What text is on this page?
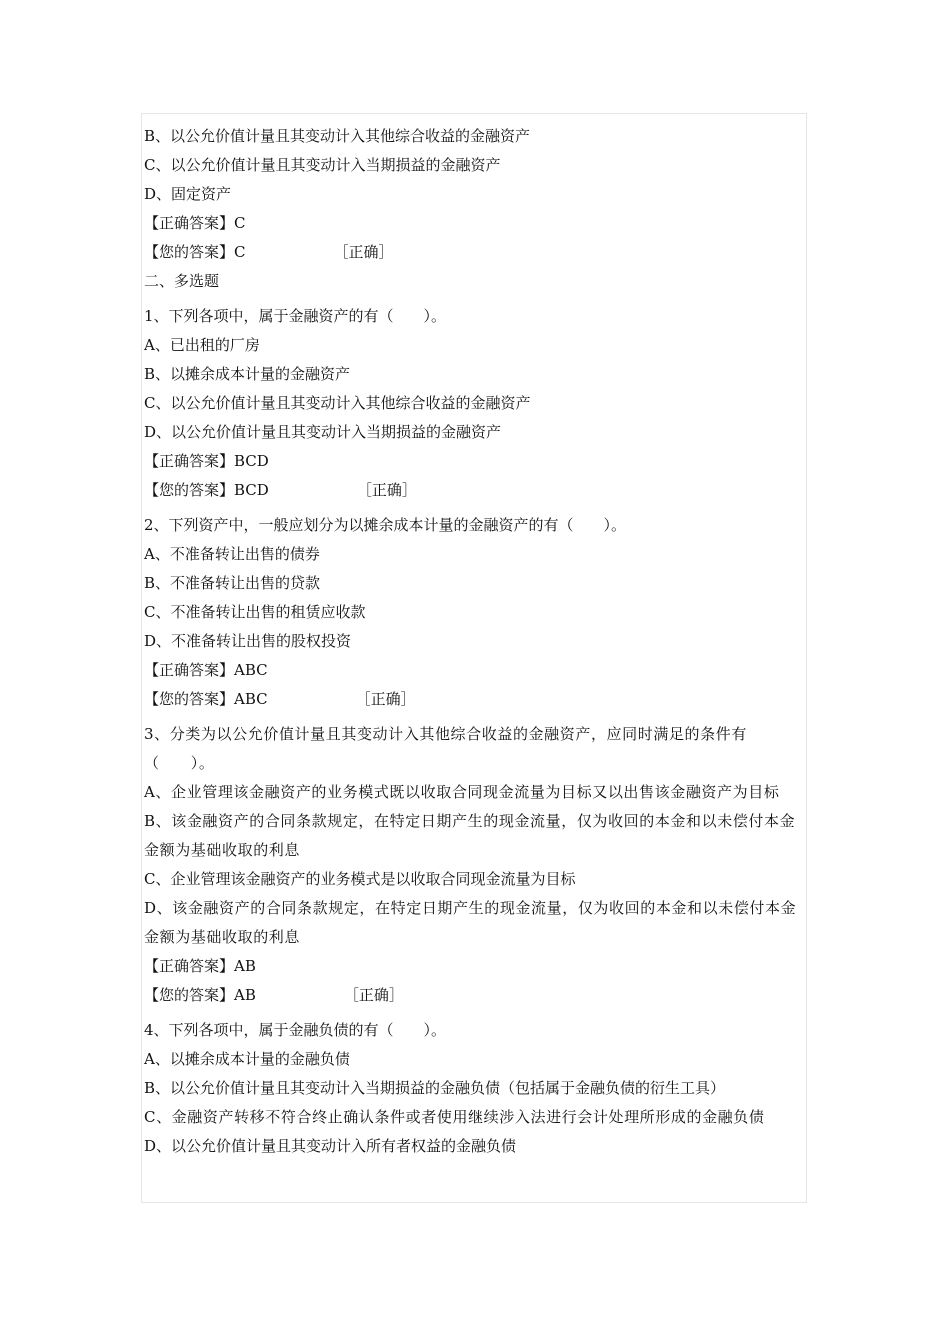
B、以公允价值计量且其变动计入其他综合收益的金融资产
C、以公允价值计量且其变动计入当期损益的金融资产
D、固定资产
【正确答案】C
【您的答案】C	［正确］
二、多选题
1、下列各项中，属于金融资产的有（　　）。
A、已出租的厂房
B、以摊余成本计量的金融资产
C、以公允价值计量且其变动计入其他综合收益的金融资产
D、以公允价值计量且其变动计入当期损益的金融资产
【正确答案】BCD
【您的答案】BCD	［正确］
2、下列资产中，一般应划分为以摊余成本计量的金融资产的有（　　）。
A、不准备转让出售的债券
B、不准备转让出售的贷款
C、不准备转让出售的租赁应收款
D、不准备转让出售的股权投资
【正确答案】ABC
【您的答案】ABC	［正确］
3、分类为以公允价值计量且其变动计入其他综合收益的金融资产，应同时满足的条件有（　　）。
A、企业管理该金融资产的业务模式既以收取合同现金流量为目标又以出售该金融资产为目标
B、该金融资产的合同条款规定，在特定日期产生的现金流量，仅为收回的本金和以未偿付本金金额为基础收取的利息
C、企业管理该金融资产的业务模式是以收取合同现金流量为目标
D、该金融资产的合同条款规定，在特定日期产生的现金流量，仅为收回的本金和以未偿付本金金额为基础收取的利息
【正确答案】AB
【您的答案】AB	［正确］
4、下列各项中，属于金融负债的有（　　）。
A、以摊余成本计量的金融负债
B、以公允价值计量且其变动计入当期损益的金融负债（包括属于金融负债的衍生工具）
C、金融资产转移不符合终止确认条件或者使用继续涉入法进行会计处理所形成的金融负债
D、以公允价值计量且其变动计入所有者权益的金融负债
